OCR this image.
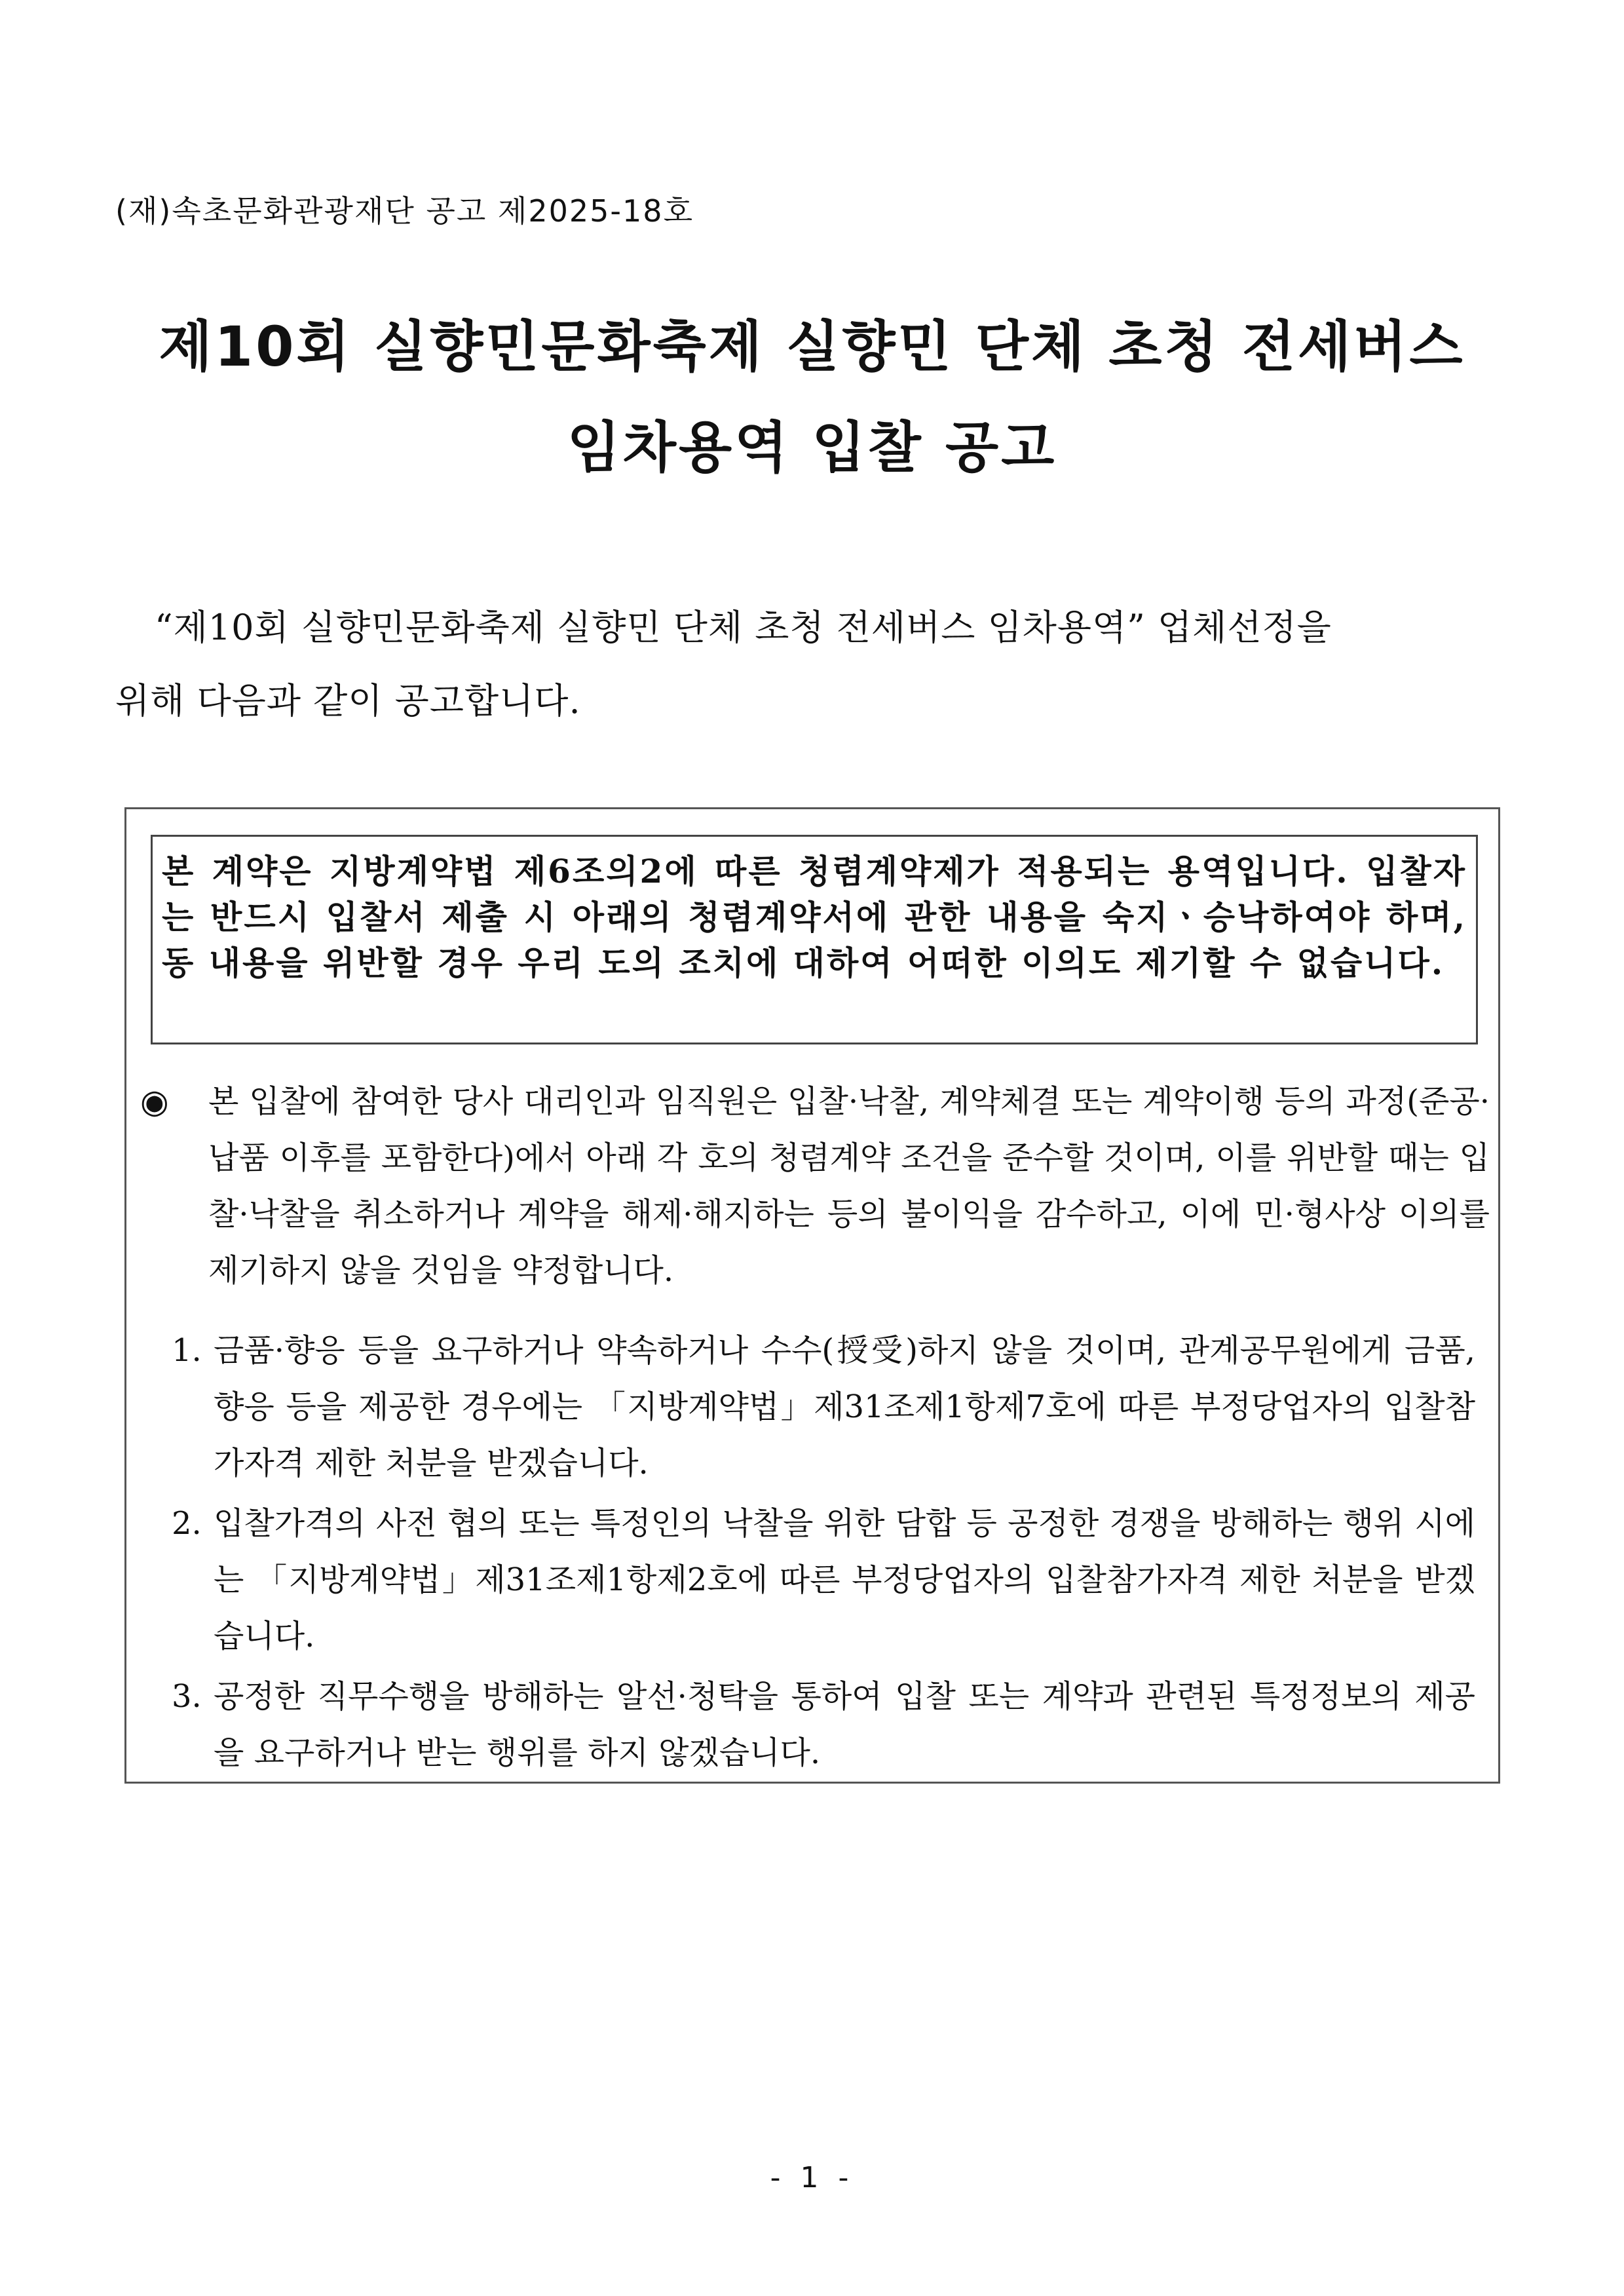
(재)속초문화관광재단 공고 제2025-18호
제10회 실향민문화축제 실향민 단체 초청 전세버스
임차용역 입찰 공고
“제10회 실향민문화축제 실향민 단체 초청 전세버스 임차용역” 업체선정을
위해 다음과 같이 공고합니다.
본 계약은 지방계약법 제6조의2에 따른 청렴계약제가 적용되는 용역입니다. 입찰자는 반드시 입찰서 제출 시 아래의 청렴계약서에 관한 내용을 숙지ㆍ승낙하여야 하며, 동 내용을 위반할 경우 우리 도의 조치에 대하여 어떠한 이의도 제기할 수 없습니다.
◉ 본 입찰에 참여한 당사 대리인과 임직원은 입찰·낙찰, 계약체결 또는 계약이행 등의 과정(준공·납품 이후를 포함한다)에서 아래 각 호의 청렴계약 조건을 준수할 것이며, 이를 위반할 때는 입찰·낙찰을 취소하거나 계약을 해제·해지하는 등의 불이익을 감수하고, 이에 민·형사상 이의를 제기하지 않을 것임을 약정합니다.
1. 금품·향응 등을 요구하거나 약속하거나 수수(授受)하지 않을 것이며, 관계공무원에게 금품, 향응 등을 제공한 경우에는 「지방계약법」제31조제1항제7호에 따른 부정당업자의 입찰참가자격 제한 처분을 받겠습니다.
2. 입찰가격의 사전 협의 또는 특정인의 낙찰을 위한 담합 등 공정한 경쟁을 방해하는 행위 시에는 「지방계약법」제31조제1항제2호에 따른 부정당업자의 입찰참가자격 제한 처분을 받겠습니다.
3. 공정한 직무수행을 방해하는 알선·청탁을 통하여 입찰 또는 계약과 관련된 특정정보의 제공을 요구하거나 받는 행위를 하지 않겠습니다.
- 1 -
